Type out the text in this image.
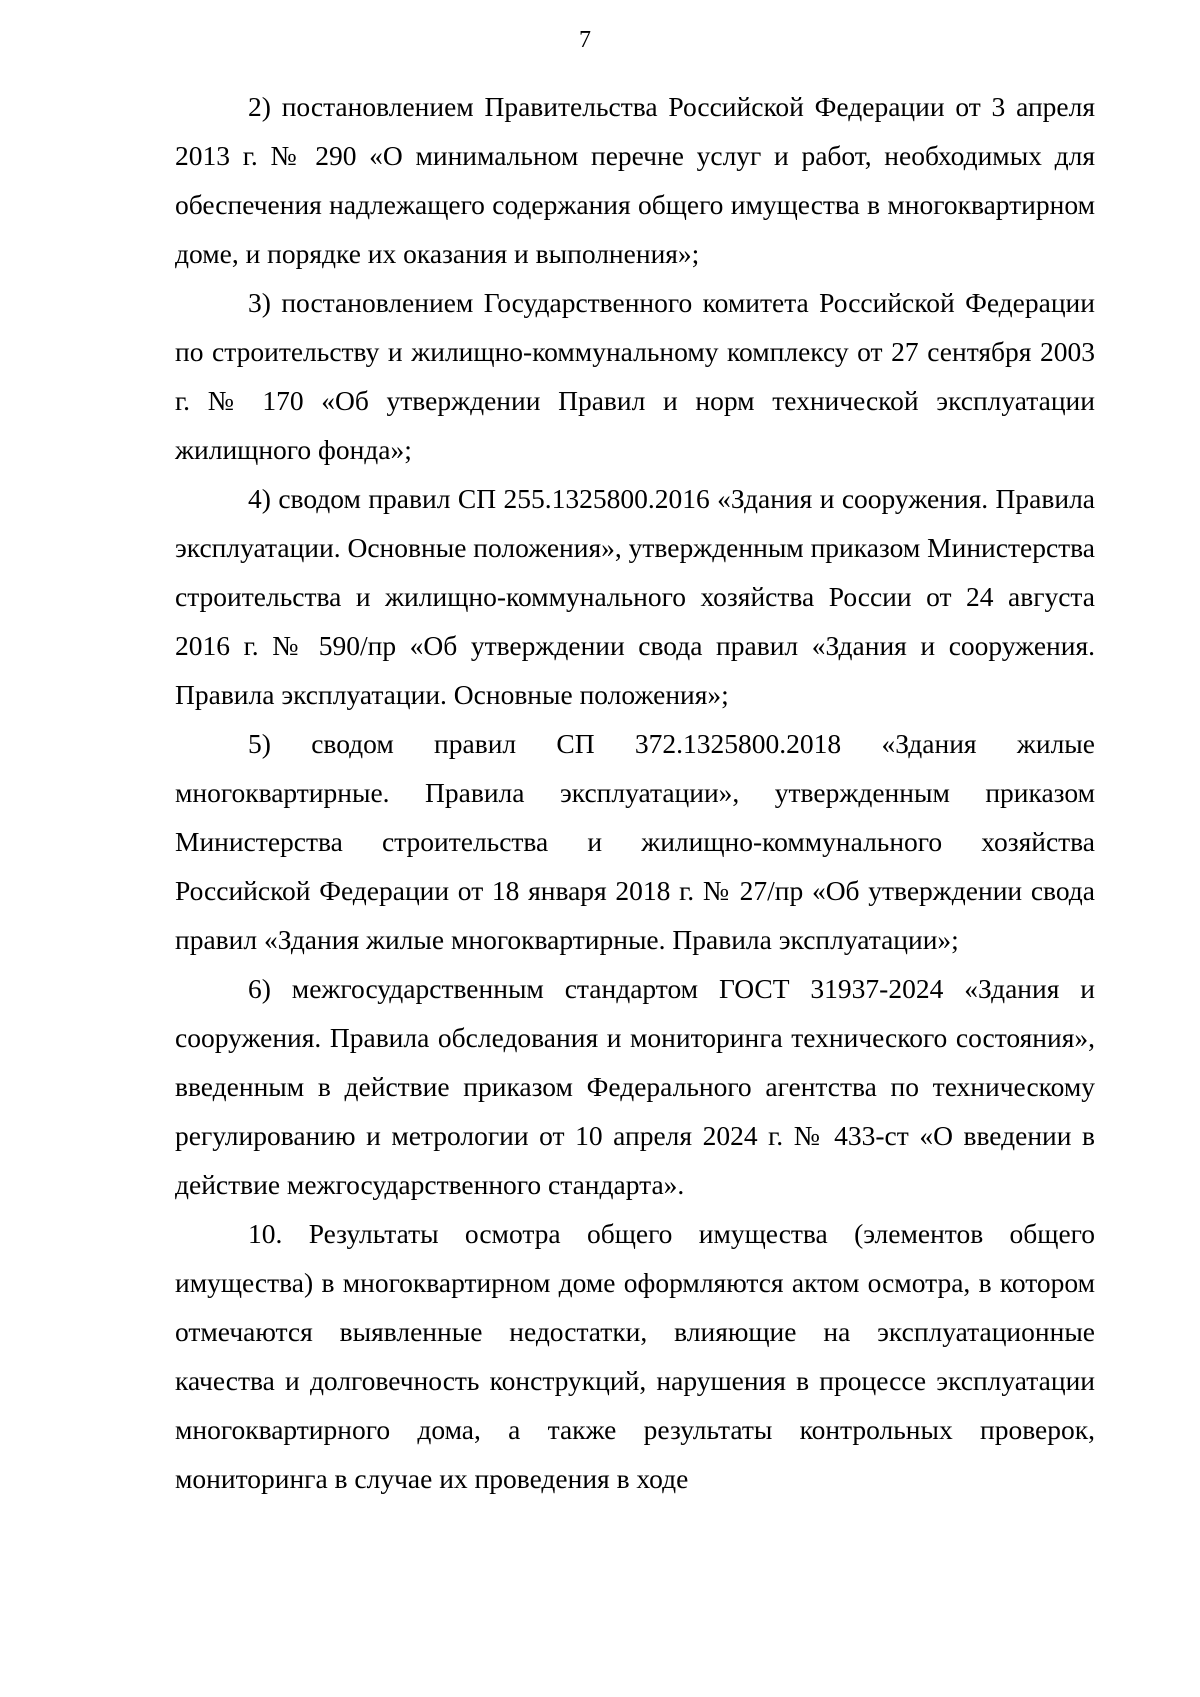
7

2) постановлением Правительства Российской Федерации от 3 апреля 2013 г. № 290 «О минимальном перечне услуг и работ, необходимых для обеспечения надлежащего содержания общего имущества в многоквартирном доме, и порядке их оказания и выполнения»;

3) постановлением Государственного комитета Российской Федерации по строительству и жилищно-коммунальному комплексу от 27 сентября 2003 г. № 170 «Об утверждении Правил и норм технической эксплуатации жилищного фонда»;

4) сводом правил СП 255.1325800.2016 «Здания и сооружения. Правила эксплуатации. Основные положения», утвержденным приказом Министерства строительства и жилищно-коммунального хозяйства России от 24 августа 2016 г. № 590/пр «Об утверждении свода правил «Здания и сооружения. Правила эксплуатации. Основные положения»;

5) сводом правил СП 372.1325800.2018 «Здания жилые многоквартирные. Правила эксплуатации», утвержденным приказом Министерства строительства и жилищно-коммунального хозяйства Российской Федерации от 18 января 2018 г. № 27/пр «Об утверждении свода правил «Здания жилые многоквартирные. Правила эксплуатации»;

6) межгосударственным стандартом ГОСТ 31937-2024 «Здания и сооружения. Правила обследования и мониторинга технического состояния», введенным в действие приказом Федерального агентства по техническому регулированию и метрологии от 10 апреля 2024 г. № 433-ст «О введении в действие межгосударственного стандарта».

10. Результаты осмотра общего имущества (элементов общего имущества) в многоквартирном доме оформляются актом осмотра, в котором отмечаются выявленные недостатки, влияющие на эксплуатационные качества и долговечность конструкций, нарушения в процессе эксплуатации многоквартирного дома, а также результаты контрольных проверок, мониторинга в случае их проведения в ходе
